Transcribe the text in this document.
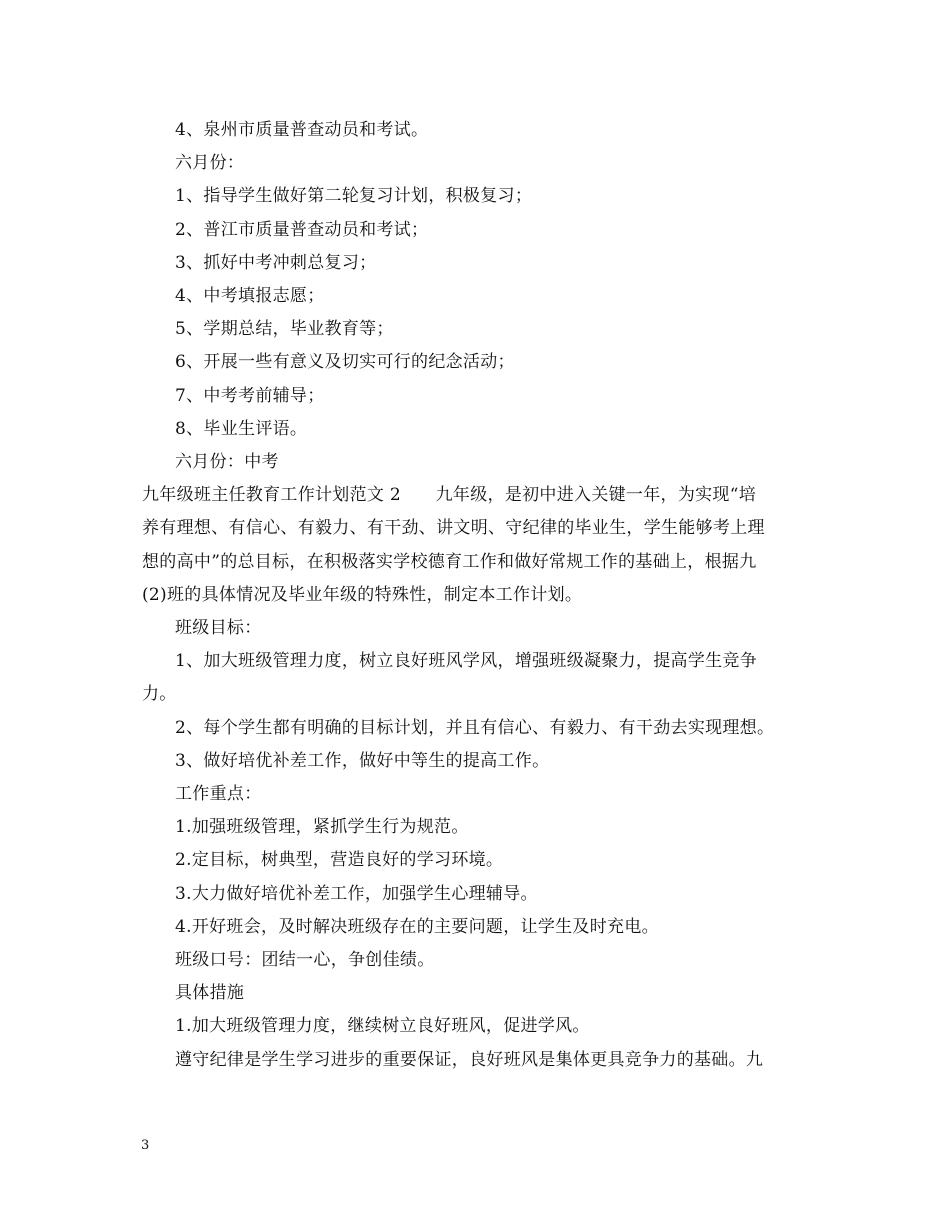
4、泉州市质量普查动员和考试。
六月份：
1、指导学生做好第二轮复习计划，积极复习；
2、普江市质量普查动员和考试；
3、抓好中考冲刺总复习；
4、中考填报志愿；
5、学期总结，毕业教育等；
6、开展一些有意义及切实可行的纪念活动；
7、中考考前辅导；
8、毕业生评语。
六月份：中考
九年级班主任教育工作计划范文 2　　九年级，是初中进入关键一年，为实现“培
养有理想、有信心、有毅力、有干劲、讲文明、守纪律的毕业生，学生能够考上理
想的高中”的总目标，在积极落实学校德育工作和做好常规工作的基础上，根据九
(2)班的具体情况及毕业年级的特殊性，制定本工作计划。
班级目标：
1、加大班级管理力度，树立良好班风学风，增强班级凝聚力，提高学生竞争
力。
2、每个学生都有明确的目标计划，并且有信心、有毅力、有干劲去实现理想。
3、做好培优补差工作，做好中等生的提高工作。
工作重点：
1.加强班级管理，紧抓学生行为规范。
2.定目标，树典型，营造良好的学习环境。
3.大力做好培优补差工作，加强学生心理辅导。
4.开好班会，及时解决班级存在的主要问题，让学生及时充电。
班级口号：团结一心，争创佳绩。
具体措施
1.加大班级管理力度，继续树立良好班风，促进学风。
遵守纪律是学生学习进步的重要保证，良好班风是集体更具竞争力的基础。九
3
